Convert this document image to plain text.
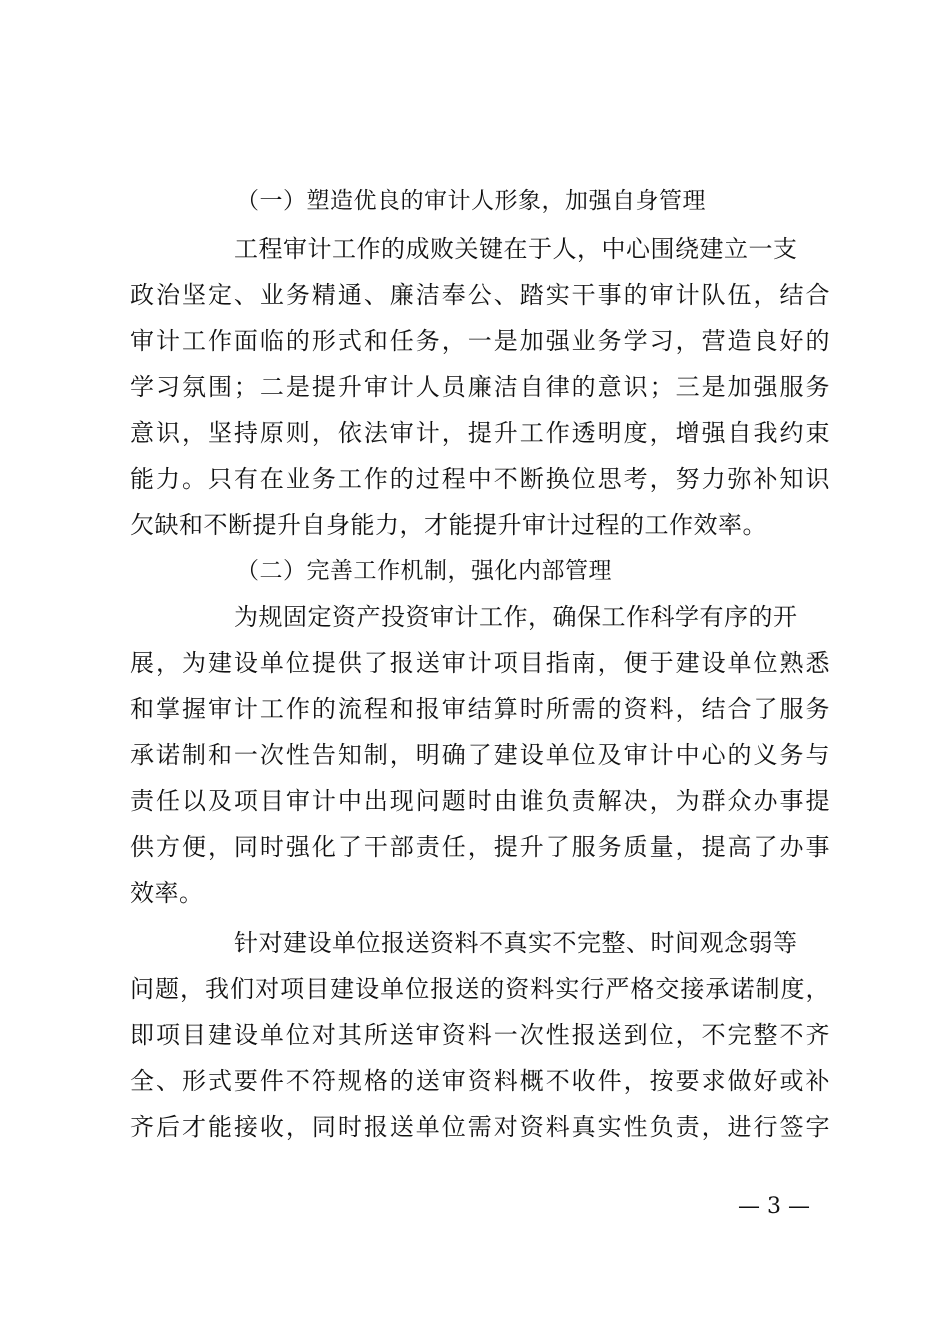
（一）塑造优良的审计人形象，加强自身管理
工程审计工作的成败关键在于人，中心围绕建立一支
政治坚定、业务精通、廉洁奉公、踏实干事的审计队伍，结合
审计工作面临的形式和任务，一是加强业务学习，营造良好的
学习氛围；二是提升审计人员廉洁自律的意识；三是加强服务
意识，坚持原则，依法审计，提升工作透明度，增强自我约束
能力。只有在业务工作的过程中不断换位思考，努力弥补知识
欠缺和不断提升自身能力，才能提升审计过程的工作效率。
（二）完善工作机制，强化内部管理
为规固定资产投资审计工作，确保工作科学有序的开
展，为建设单位提供了报送审计项目指南，便于建设单位熟悉
和掌握审计工作的流程和报审结算时所需的资料，结合了服务
承诺制和一次性告知制，明确了建设单位及审计中心的义务与
责任以及项目审计中出现问题时由谁负责解决，为群众办事提
供方便，同时强化了干部责任，提升了服务质量，提高了办事
效率。
针对建设单位报送资料不真实不完整、时间观念弱等
问题，我们对项目建设单位报送的资料实行严格交接承诺制度，
即项目建设单位对其所送审资料一次性报送到位，不完整不齐
全、形式要件不符规格的送审资料概不收件，按要求做好或补
齐后才能接收，同时报送单位需对资料真实性负责，进行签字
— 3 —
